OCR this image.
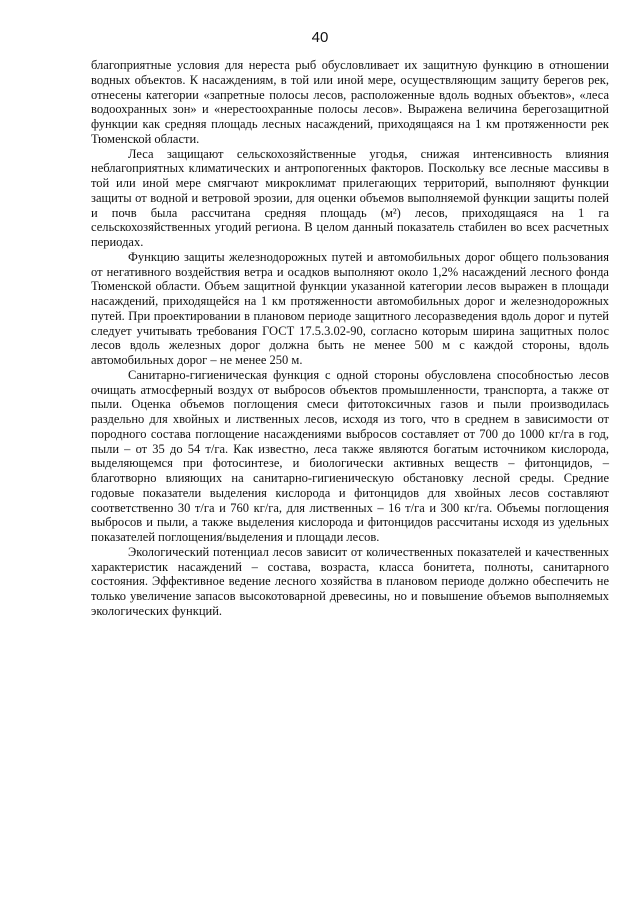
40

благоприятные условия для нереста рыб обусловливает их защитную функцию в отношении водных объектов. К насаждениям, в той или иной мере, осуществляющим защиту берегов рек, отнесены категории «запретные полосы лесов, расположенные вдоль водных объектов», «леса водоохранных зон» и «нерестоохранные полосы лесов». Выражена величина берегозащитной функции как средняя площадь лесных насаждений, приходящаяся на 1 км протяженности рек Тюменской области.

Леса защищают сельскохозяйственные угодья, снижая интенсивность влияния неблагоприятных климатических и антропогенных факторов. Поскольку все лесные массивы в той или иной мере смягчают микроклимат прилегающих территорий, выполняют функции защиты от водной и ветровой эрозии, для оценки объемов выполняемой функции защиты полей и почв была рассчитана средняя площадь (м²) лесов, приходящаяся на 1 га сельскохозяйственных угодий региона. В целом данный показатель стабилен во всех расчетных периодах.

Функцию защиты железнодорожных путей и автомобильных дорог общего пользования от негативного воздействия ветра и осадков выполняют около 1,2% насаждений лесного фонда Тюменской области. Объем защитной функции указанной категории лесов выражен в площади насаждений, приходящейся на 1 км протяженности автомобильных дорог и железнодорожных путей. При проектировании в плановом периоде защитного лесоразведения вдоль дорог и путей следует учитывать требования ГОСТ 17.5.3.02-90, согласно которым ширина защитных полос лесов вдоль железных дорог должна быть не менее 500 м с каждой стороны, вдоль автомобильных дорог – не менее 250 м.

Санитарно-гигиеническая функция с одной стороны обусловлена способностью лесов очищать атмосферный воздух от выбросов объектов промышленности, транспорта, а также от пыли. Оценка объемов поглощения смеси фитотоксичных газов и пыли производилась раздельно для хвойных и лиственных лесов, исходя из того, что в среднем в зависимости от породного состава поглощение насаждениями выбросов составляет от 700 до 1000 кг/га в год, пыли – от 35 до 54 т/га. Как известно, леса также являются богатым источником кислорода, выделяющемся при фотосинтезе, и биологически активных веществ – фитонцидов, – благотворно влияющих на санитарно-гигиеническую обстановку лесной среды. Средние годовые показатели выделения кислорода и фитонцидов для хвойных лесов составляют соответственно 30 т/га и 760 кг/га, для лиственных – 16 т/га и 300 кг/га. Объемы поглощения выбросов и пыли, а также выделения кислорода и фитонцидов рассчитаны исходя из удельных показателей поглощения/выделения и площади лесов.

Экологический потенциал лесов зависит от количественных показателей и качественных характеристик насаждений – состава, возраста, класса бонитета, полноты, санитарного состояния. Эффективное ведение лесного хозяйства в плановом периоде должно обеспечить не только увеличение запасов высокотоварной древесины, но и повышение объемов выполняемых экологических функций.
